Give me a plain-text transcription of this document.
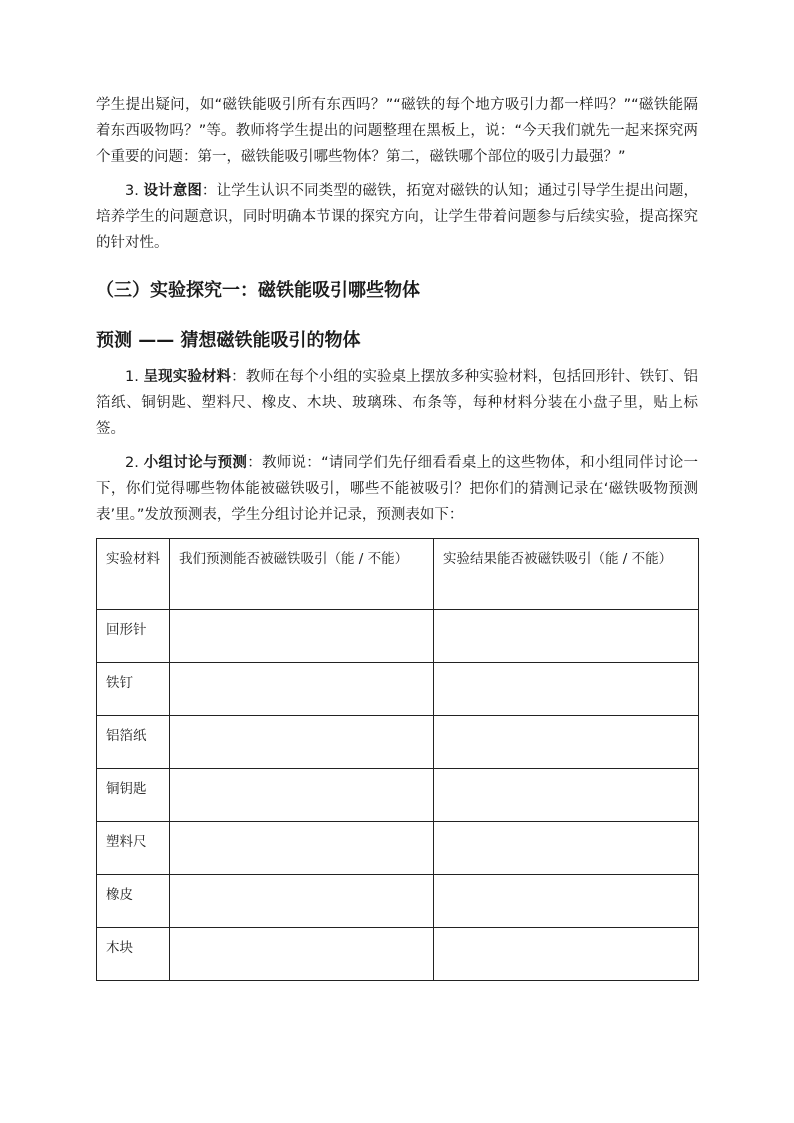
学生提出疑问，如“磁铁能吸引所有东西吗？”“磁铁的每个地方吸引力都一样吗？”“磁铁能隔着东西吸物吗？”等。教师将学生提出的问题整理在黑板上，说：“今天我们就先一起来探究两个重要的问题：第一，磁铁能吸引哪些物体？第二，磁铁哪个部位的吸引力最强？”

3. 设计意图：让学生认识不同类型的磁铁，拓宽对磁铁的认知；通过引导学生提出问题，培养学生的问题意识，同时明确本节课的探究方向，让学生带着问题参与后续实验，提高探究的针对性。

（三）实验探究一：磁铁能吸引哪些物体
预测 —— 猜想磁铁能吸引的物体

1. 呈现实验材料：教师在每个小组的实验桌上摆放多种实验材料，包括回形针、铁钉、铝箔纸、铜钥匙、塑料尺、橡皮、木块、玻璃珠、布条等，每种材料分装在小盘子里，贴上标签。

2. 小组讨论与预测：教师说：“请同学们先仔细看看桌上的这些物体，和小组同伴讨论一下，你们觉得哪些物体能被磁铁吸引，哪些不能被吸引？把你们的猜测记录在‘磁铁吸物预测表’里。”发放预测表，学生分组讨论并记录，预测表如下：

实验材料	我们预测能否被磁铁吸引（能 / 不能）	实验结果能否被磁铁吸引（能 / 不能）
回形针		
铁钉		
铝箔纸		
铜钥匙		
塑料尺		
橡皮		
木块		
